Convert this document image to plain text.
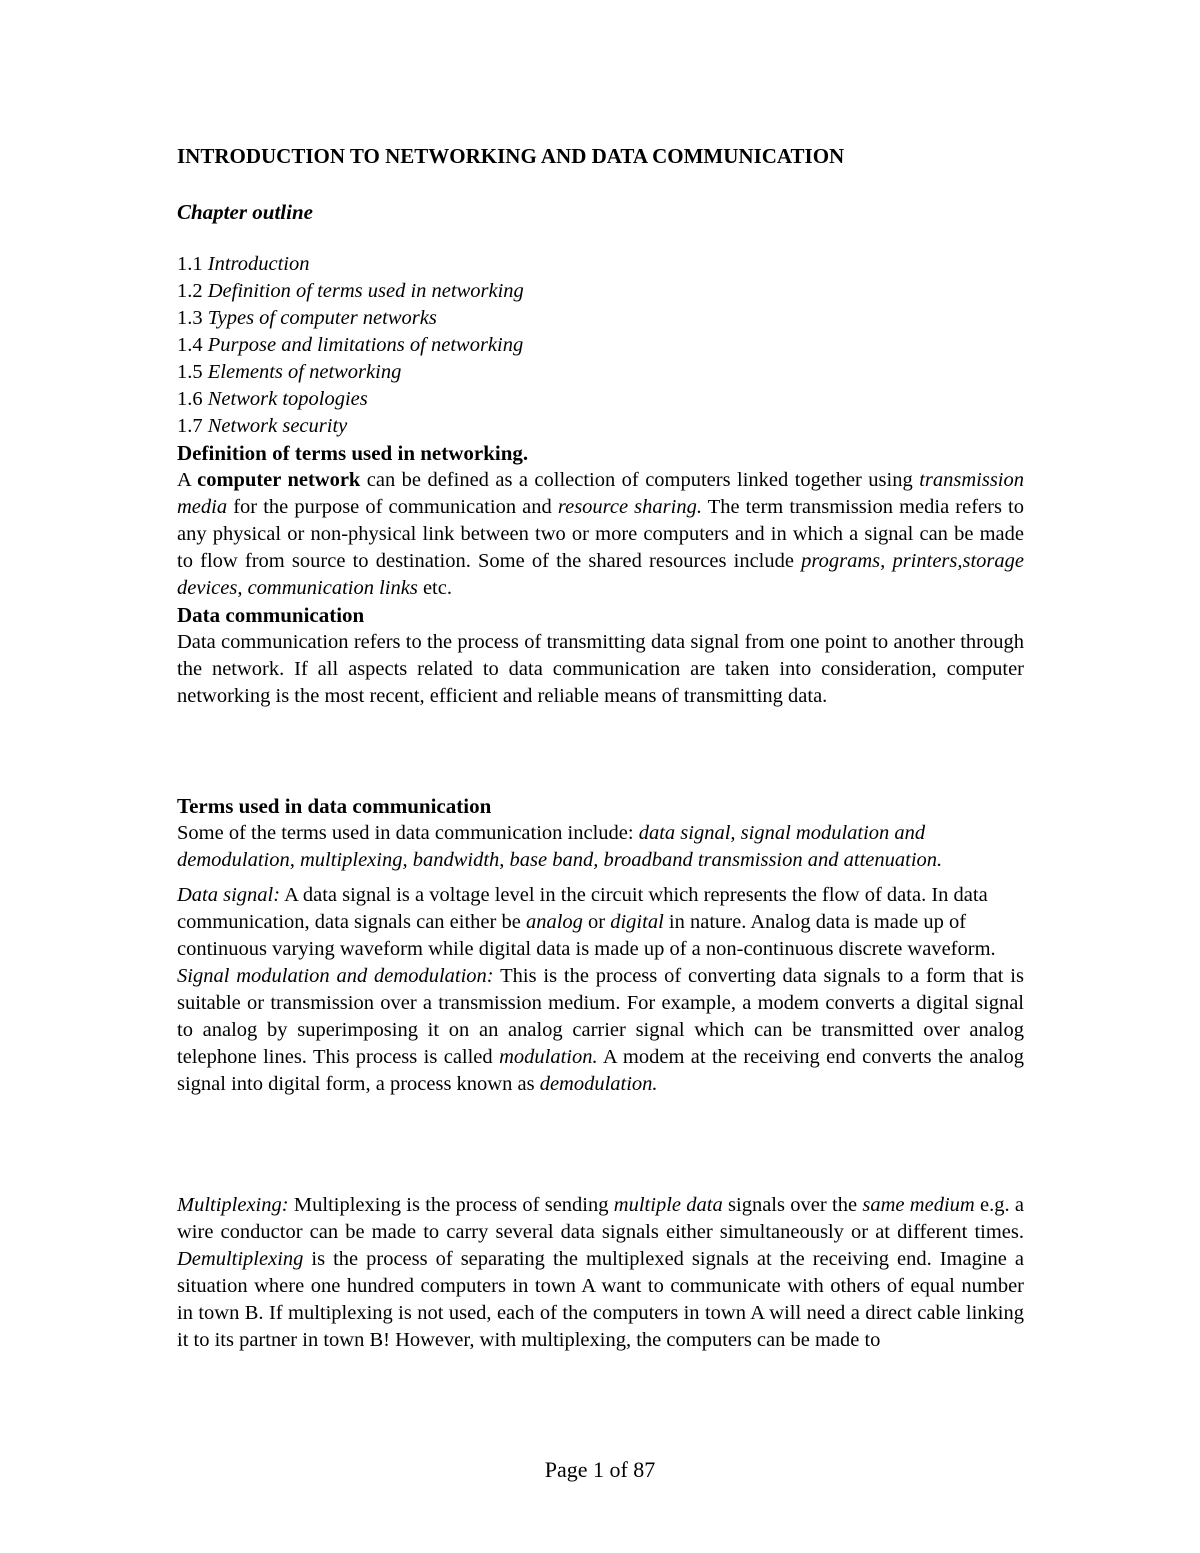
INTRODUCTION TO NETWORKING AND DATA COMMUNICATION
Chapter outline
1.1 Introduction
1.2 Definition of terms used in networking
1.3 Types of computer networks
1.4 Purpose and limitations of networking
1.5 Elements of networking
1.6 Network topologies
1.7 Network security
Definition of terms used in networking.
A computer network can be defined as a collection of computers linked together using transmission media for the purpose of communication and resource sharing. The term transmission media refers to any physical or non-physical link between two or more computers and in which a signal can be made to flow from source to destination. Some of the shared resources include programs, printers,storage devices, communication links etc.
Data communication
Data communication refers to the process of transmitting data signal from one point to another through the network. If all aspects related to data communication are taken into consideration, computer networking is the most recent, efficient and reliable means of transmitting data.
Terms used in data communication
Some of the terms used in data communication include: data signal, signal modulation and demodulation, multiplexing, bandwidth, base band, broadband transmission and attenuation.
Data signal: A data signal is a voltage level in the circuit which represents the flow of data. In data communication, data signals can either be analog or digital in nature. Analog data is made up of continuous varying waveform while digital data is made up of a non-continuous discrete waveform.
Signal modulation and demodulation: This is the process of converting data signals to a form that is suitable or transmission over a transmission medium. For example, a modem converts a digital signal to analog by superimposing it on an analog carrier signal which can be transmitted over analog telephone lines. This process is called modulation. A modem at the receiving end converts the analog signal into digital form, a process known as demodulation.
Multiplexing: Multiplexing is the process of sending multiple data signals over the same medium e.g. a wire conductor can be made to carry several data signals either simultaneously or at different times. Demultiplexing is the process of separating the multiplexed signals at the receiving end. Imagine a situation where one hundred computers in town A want to communicate with others of equal number in town B. If multiplexing is not used, each of the computers in town A will need a direct cable linking it to its partner in town B! However, with multiplexing, the computers can be made to
Page 1 of 87
